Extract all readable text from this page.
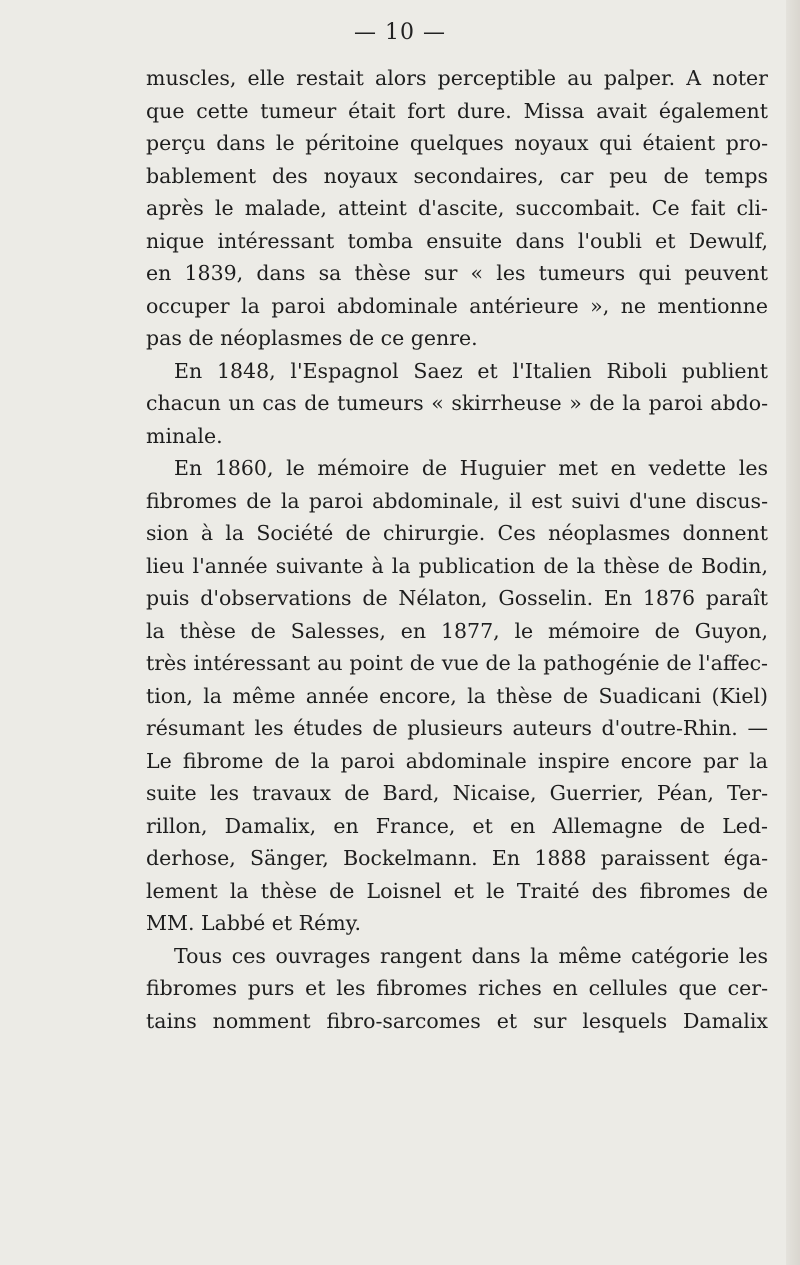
— 10 —
muscles, elle restait alors perceptible au palper. A noter
que cette tumeur était fort dure. Missa avait également
perçu dans le péritoine quelques noyaux qui étaient pro-
bablement des noyaux secondaires, car peu de temps
après le malade, atteint d'ascite, succombait. Ce fait cli-
nique intéressant tomba ensuite dans l'oubli et Dewulf,
en 1839, dans sa thèse sur « les tumeurs qui peuvent
occuper la paroi abdominale antérieure », ne mentionne
pas de néoplasmes de ce genre.
En 1848, l'Espagnol Saez et l'Italien Riboli publient
chacun un cas de tumeurs « skirrheuse » de la paroi abdo-
minale.
En 1860, le mémoire de Huguier met en vedette les
fibromes de la paroi abdominale, il est suivi d'une discus-
sion à la Société de chirurgie. Ces néoplasmes donnent
lieu l'année suivante à la publication de la thèse de Bodin,
puis d'observations de Nélaton, Gosselin. En 1876 paraît
la thèse de Salesses, en 1877, le mémoire de Guyon,
très intéressant au point de vue de la pathogénie de l'affec-
tion, la même année encore, la thèse de Suadicani (Kiel)
résumant les études de plusieurs auteurs d'outre-Rhin. —
Le fibrome de la paroi abdominale inspire encore par la
suite les travaux de Bard, Nicaise, Guerrier, Péan, Ter-
rillon, Damalix, en France, et en Allemagne de Led-
derhose, Sänger, Bockelmann. En 1888 paraissent éga-
lement la thèse de Loisnel et le Traité des fibromes de
MM. Labbé et Rémy.
Tous ces ouvrages rangent dans la même catégorie les
fibromes purs et les fibromes riches en cellules que cer-
tains nomment fibro-sarcomes et sur lesquels Damalix
